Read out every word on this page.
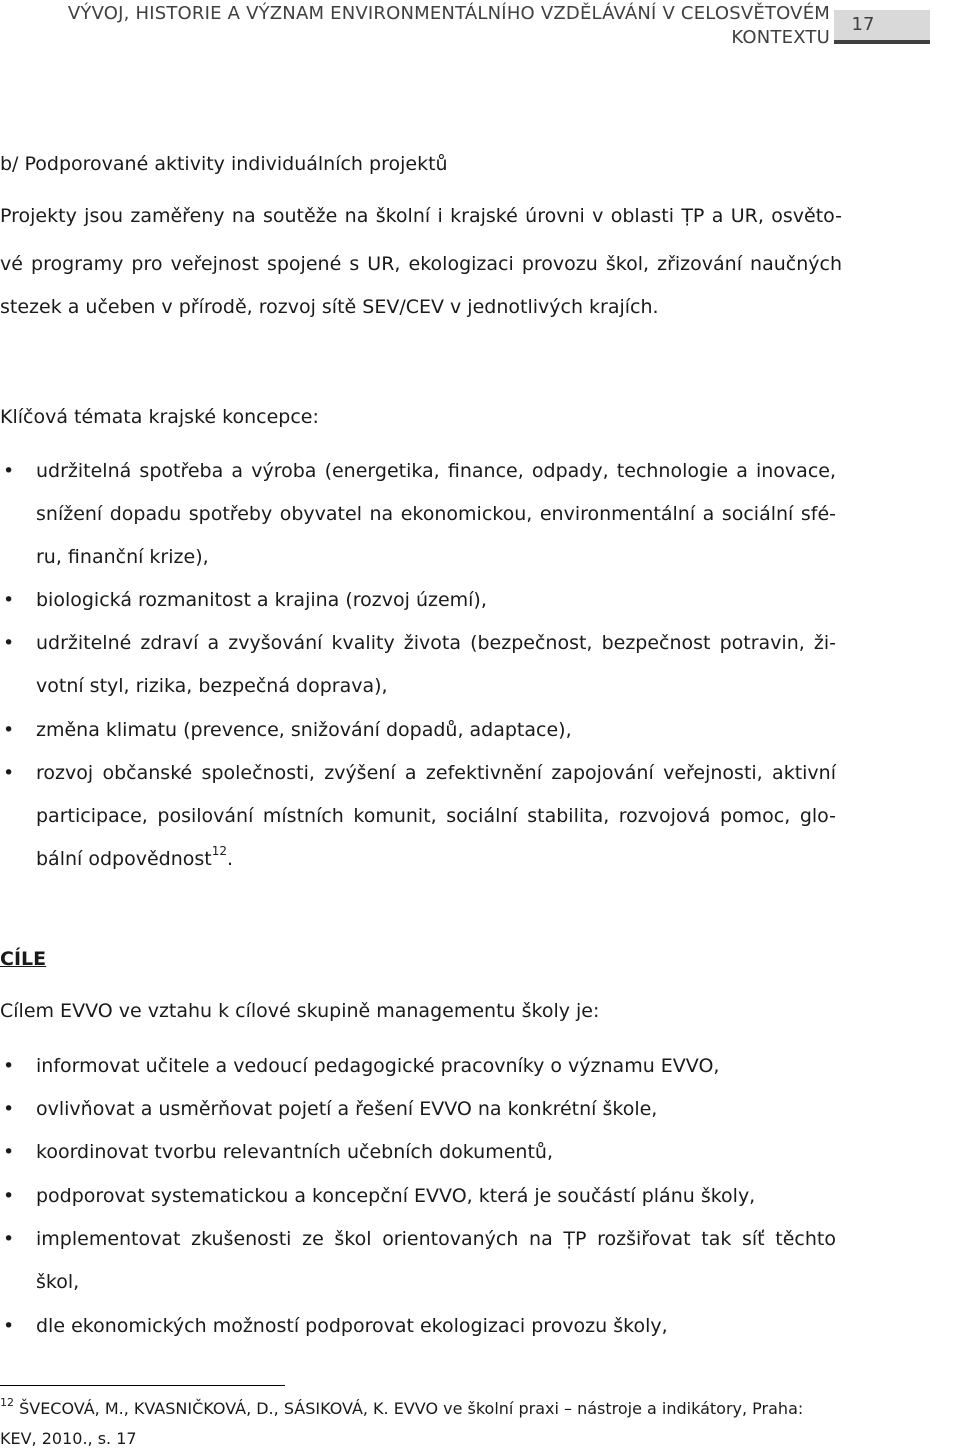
VÝVOJ, HISTORIE A VÝZNAM ENVIRONMENTÁLNÍHO VZDĚLÁVÁNÍ V CELOSVĚTOVÉM
KONTEXTU
17

b/ Podporované aktivity individuálních projektů

Projekty jsou zaměřeny na soutěže na školní i krajské úrovni v oblasti ṬP a UR, osvěto-

vé programy pro veřejnost spojené s UR, ekologizaci provozu škol, zřizování naučných

stezek a učeben v přírodě, rozvoj sítě SEV/CEV v jednotlivých krajích.

Klíčová témata krajské koncepce:

• udržitelná spotřeba a výroba (energetika, finance, odpady, technologie a inovace,

snížení dopadu spotřeby obyvatel na ekonomickou, environmentální a sociální sfé-

ru, finanční krize),

• biologická rozmanitost a krajina (rozvoj území),

• udržitelné zdraví a zvyšování kvality života (bezpečnost, bezpečnost potravin, ži-

votní styl, rizika, bezpečná doprava),

• změna klimatu (prevence, snižování dopadů, adaptace),

• rozvoj občanské společnosti, zvýšení a zefektivnění zapojování veřejnosti, aktivní

participace, posilování místních komunit, sociální stabilita, rozvojová pomoc, glo-

bální odpovědnost$^{12}$.

CÍLE

Cílem EVVO ve vztahu k cílové skupině managementu školy je:

• informovat učitele a vedoucí pedagogické pracovníky o významu EVVO,

• ovlivňovat a usměrňovat pojetí a řešení EVVO na konkrétní škole,

• koordinovat tvorbu relevantních učebních dokumentů,

• podporovat systematickou a koncepční EVVO, která je součástí plánu školy,

• implementovat zkušenosti ze škol orientovaných na ṬP rozšiřovat tak síť těchto

škol,

• dle ekonomických možností podporovat ekologizaci provozu školy,

$^{12}$ ŠVECOVÁ, M., KVASNIČKOVÁ, D., SÁSIKOVÁ, K. EVVO ve školní praxi – nástroje a indikátory, Praha:
KEV, 2010., s. 17
